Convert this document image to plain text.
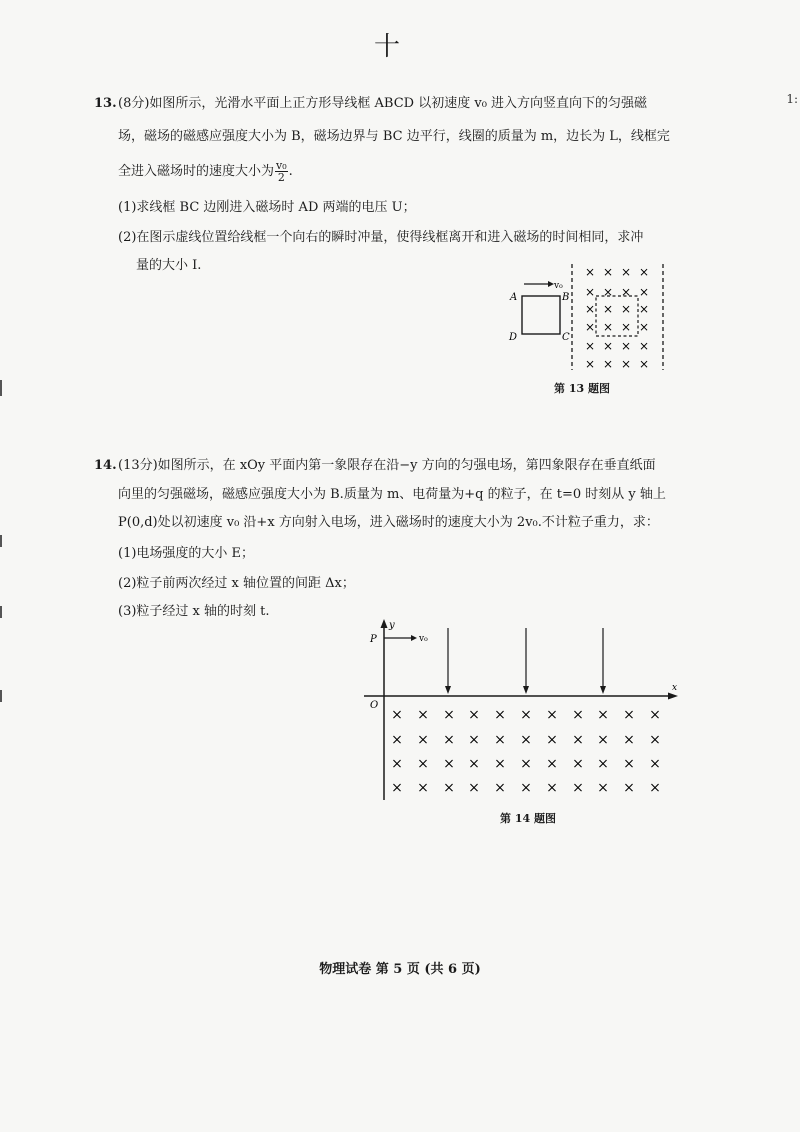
十
1:
13. (8分)如图所示，光滑水平面上正方形导线框 ABCD 以初速度 v₀ 进入方向竖直向下的匀强磁
场，磁场的磁感应强度大小为 B，磁场边界与 BC 边平行，线圈的质量为 m，边长为 L，线框完
全进入磁场时的速度大小为 $\frac{\text{v₀}}{2}$ .
(1)求线框 BC 边刚进入磁场时 AD 两端的电压 U；
(2)在图示虚线位置给线框一个向右的瞬时冲量，使得线框离开和进入磁场的时间相同，求冲
量的大小 I.
v₀
A	B
C
D
× × × ×
× × × ×
× × × ×
× × × ×
× × × ×
× × × ×
第 13 题图
14. (13分)如图所示，在 xOy 平面内第一象限存在沿−y 方向的匀强电场，第四象限存在垂直纸面
向里的匀强磁场，磁感应强度大小为 B.质量为 m、电荷量为+q 的粒子，在 t=0 时刻从 y 轴上
P(0,d)处以初速度 v₀ 沿+x 方向射入电场，进入磁场时的速度大小为 2v₀.不计粒子重力，求：
(1)电场强度的大小 E；
(2)粒子前两次经过 x 轴位置的间距 Δx；
(3)粒子经过 x 轴的时刻 t.
y
x
O
P	v₀
× × × × × × × × × × ×
× × × × × × × × × × ×
× × × × × × × × × × ×
× × × × × × × × × × ×
第 14 题图
物理试卷 第 5 页 (共 6 页)
